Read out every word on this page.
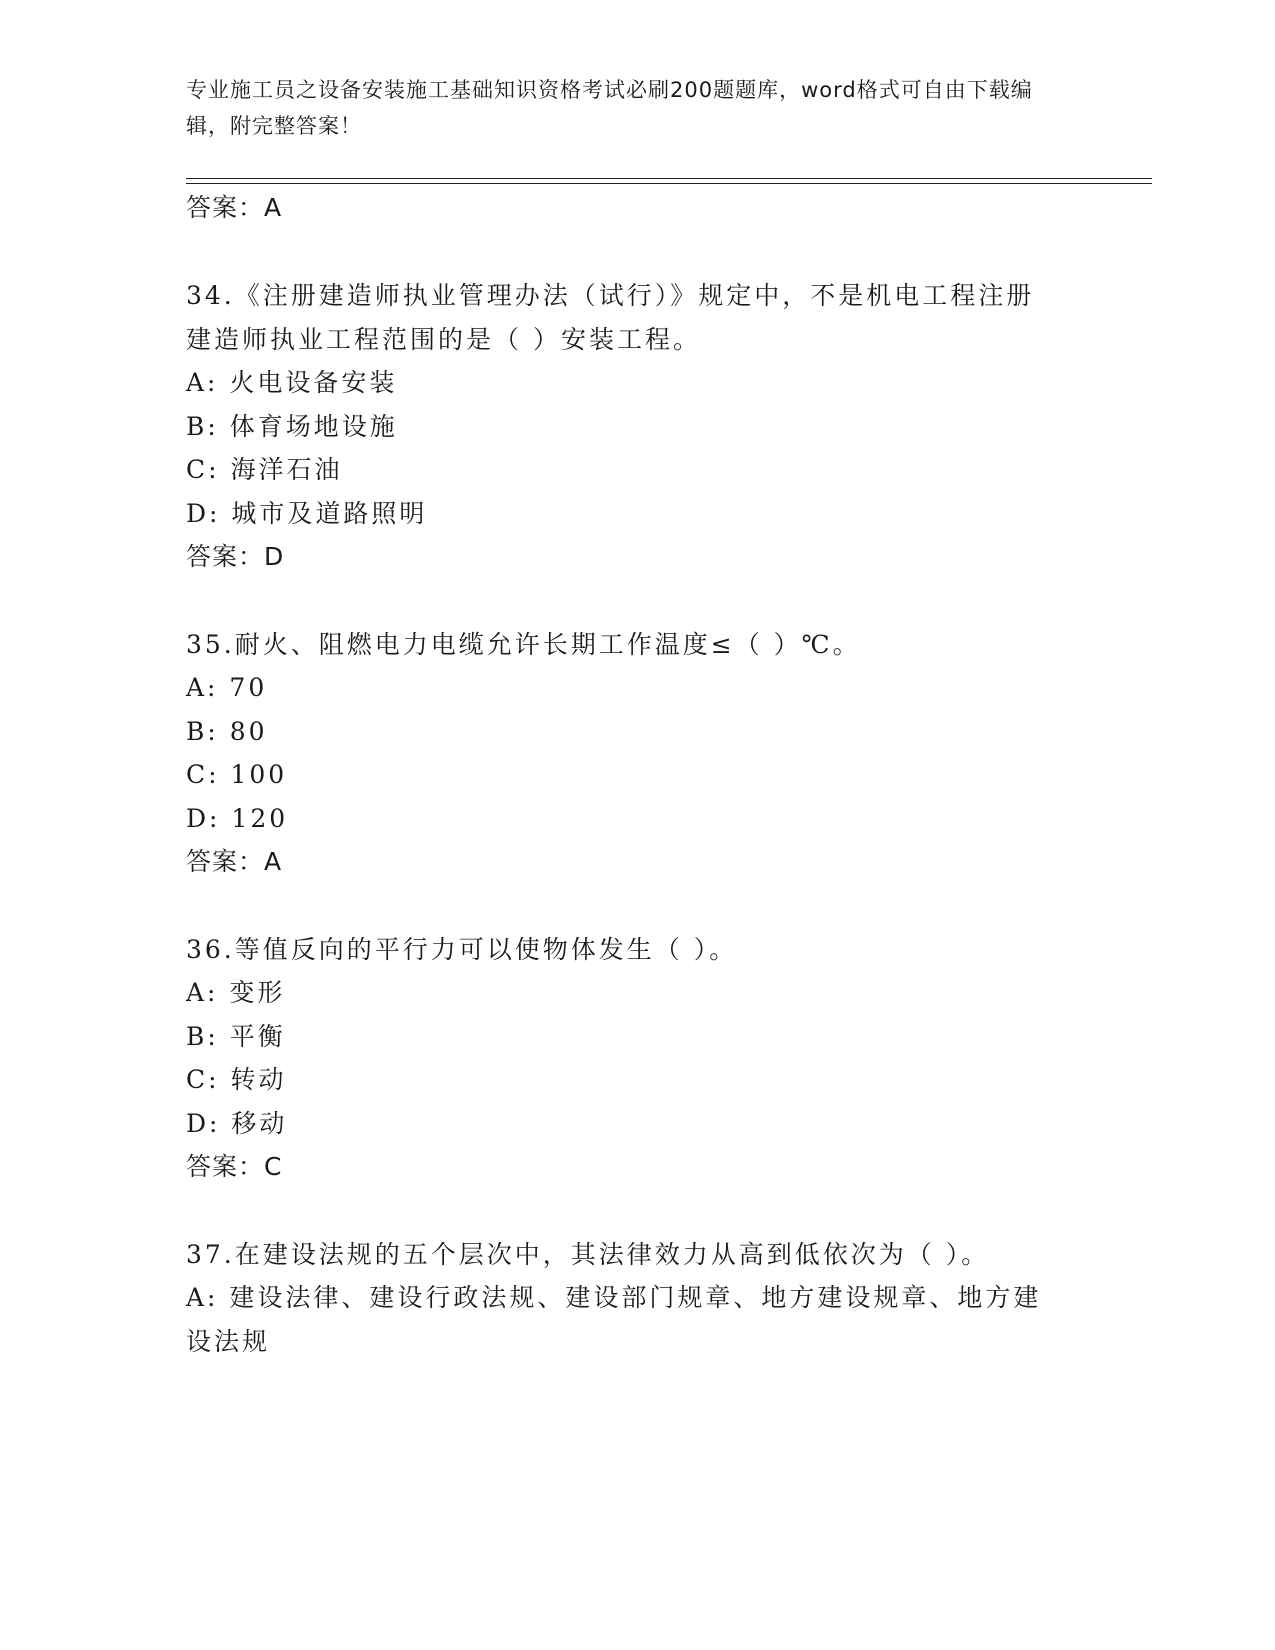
专业施工员之设备安装施工基础知识资格考试必刷200题题库，word格式可自由下载编辑，附完整答案！
答案：A
34.《注册建造师执业管理办法（试行）》规定中，不是机电工程注册
建造师执业工程范围的是（ ）安装工程。
A: 火电设备安装
B: 体育场地设施
C: 海洋石油
D: 城市及道路照明
答案：D
35.耐火、阻燃电力电缆允许长期工作温度≤（ ）℃。
A: 70
B: 80
C: 100
D: 120
答案：A
36.等值反向的平行力可以使物体发生（ ）。
A: 变形
B: 平衡
C: 转动
D: 移动
答案：C
37.在建设法规的五个层次中，其法律效力从高到低依次为（ ）。
A: 建设法律、建设行政法规、建设部门规章、地方建设规章、地方建
设法规
